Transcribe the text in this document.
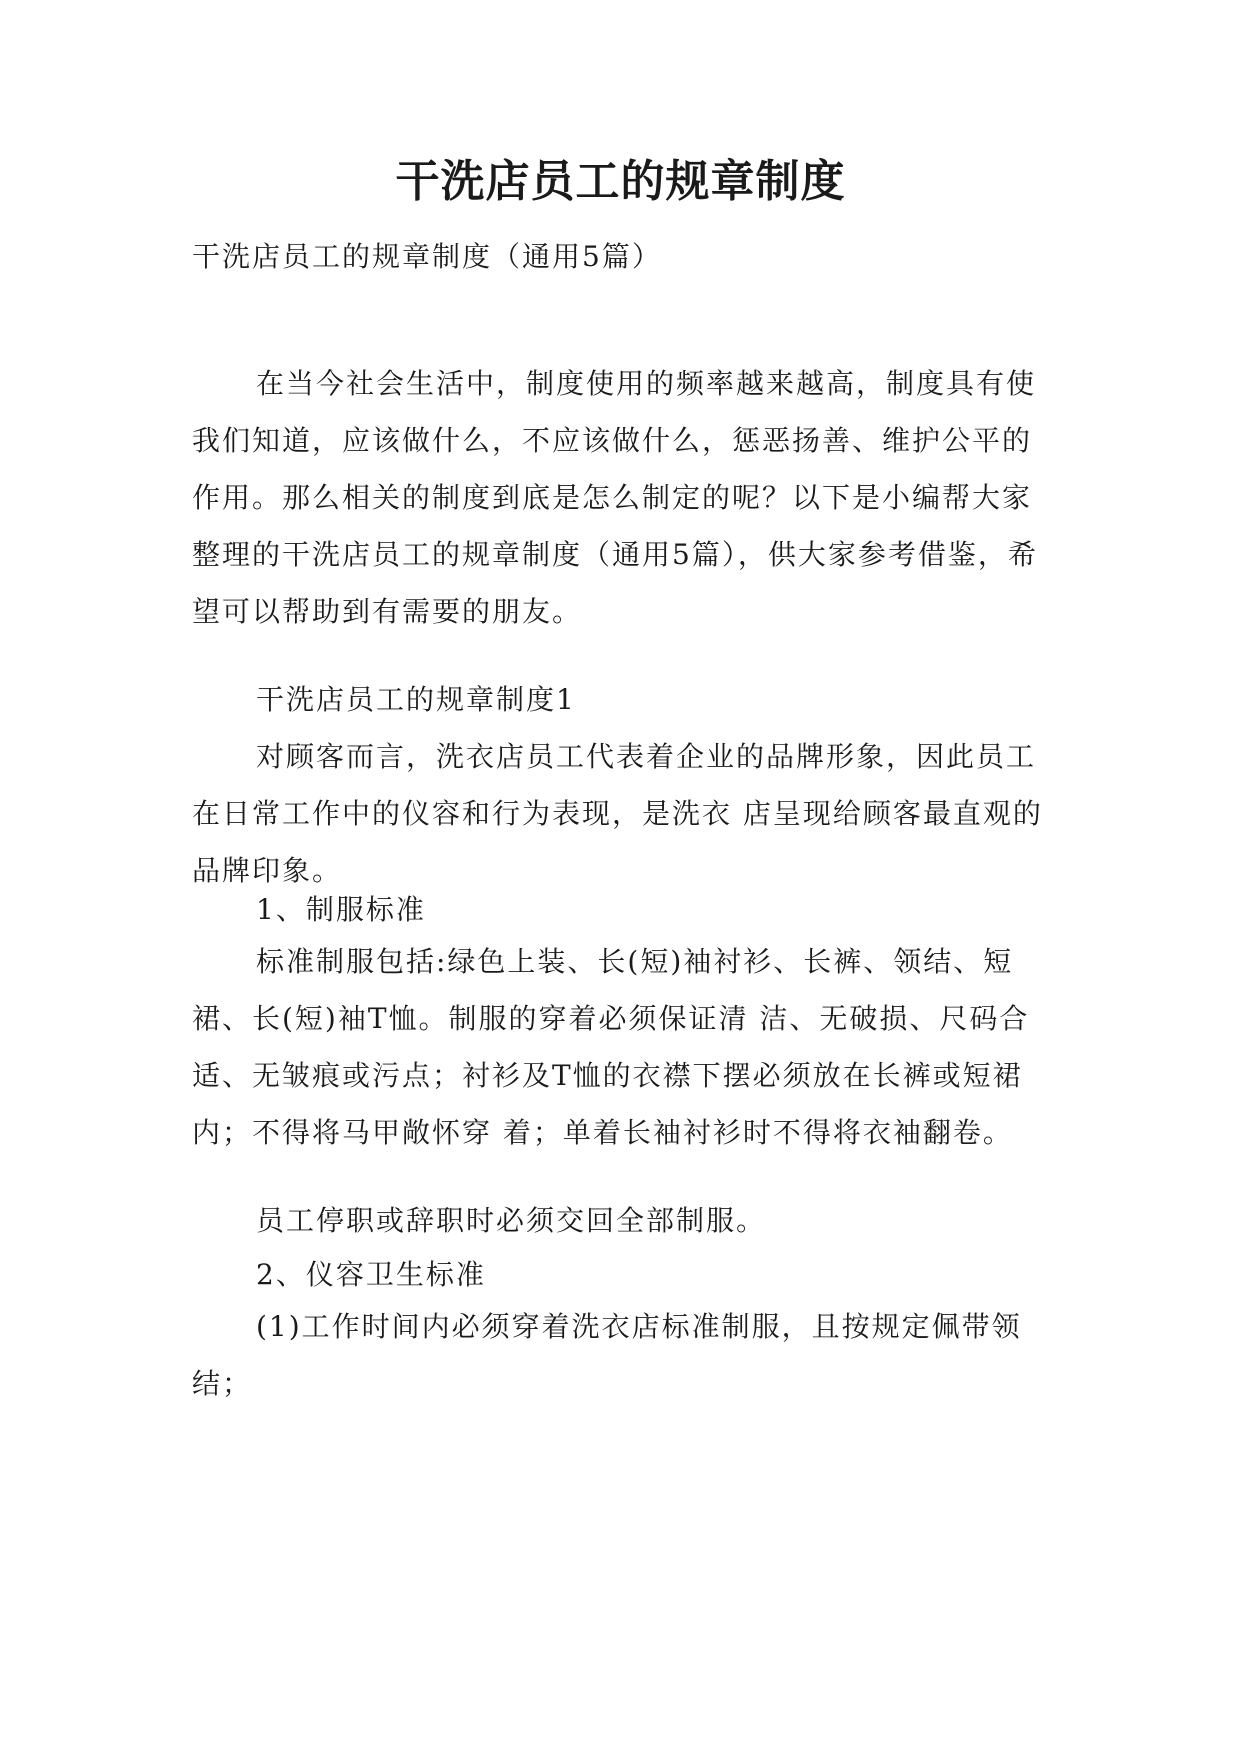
干洗店员工的规章制度

干洗店员工的规章制度（通用5篇）

在当今社会生活中，制度使用的频率越来越高，制度具有使我们知道，应该做什么，不应该做什么，惩恶扬善、维护公平的作用。那么相关的制度到底是怎么制定的呢？以下是小编帮大家整理的干洗店员工的规章制度（通用5篇），供大家参考借鉴，希望可以帮助到有需要的朋友。

干洗店员工的规章制度1

对顾客而言，洗衣店员工代表着企业的品牌形象，因此员工在日常工作中的仪容和行为表现，是洗衣 店呈现给顾客最直观的品牌印象。

1、制服标准

标准制服包括:绿色上装、长(短)袖衬衫、长裤、领结、短裙、长(短)袖T恤。制服的穿着必须保证清 洁、无破损、尺码合适、无皱痕或污点；衬衫及T恤的衣襟下摆必须放在长裤或短裙内；不得将马甲敞怀穿 着；单着长袖衬衫时不得将衣袖翻卷。

员工停职或辞职时必须交回全部制服。

2、仪容卫生标准

(1)工作时间内必须穿着洗衣店标准制服，且按规定佩带领结；
